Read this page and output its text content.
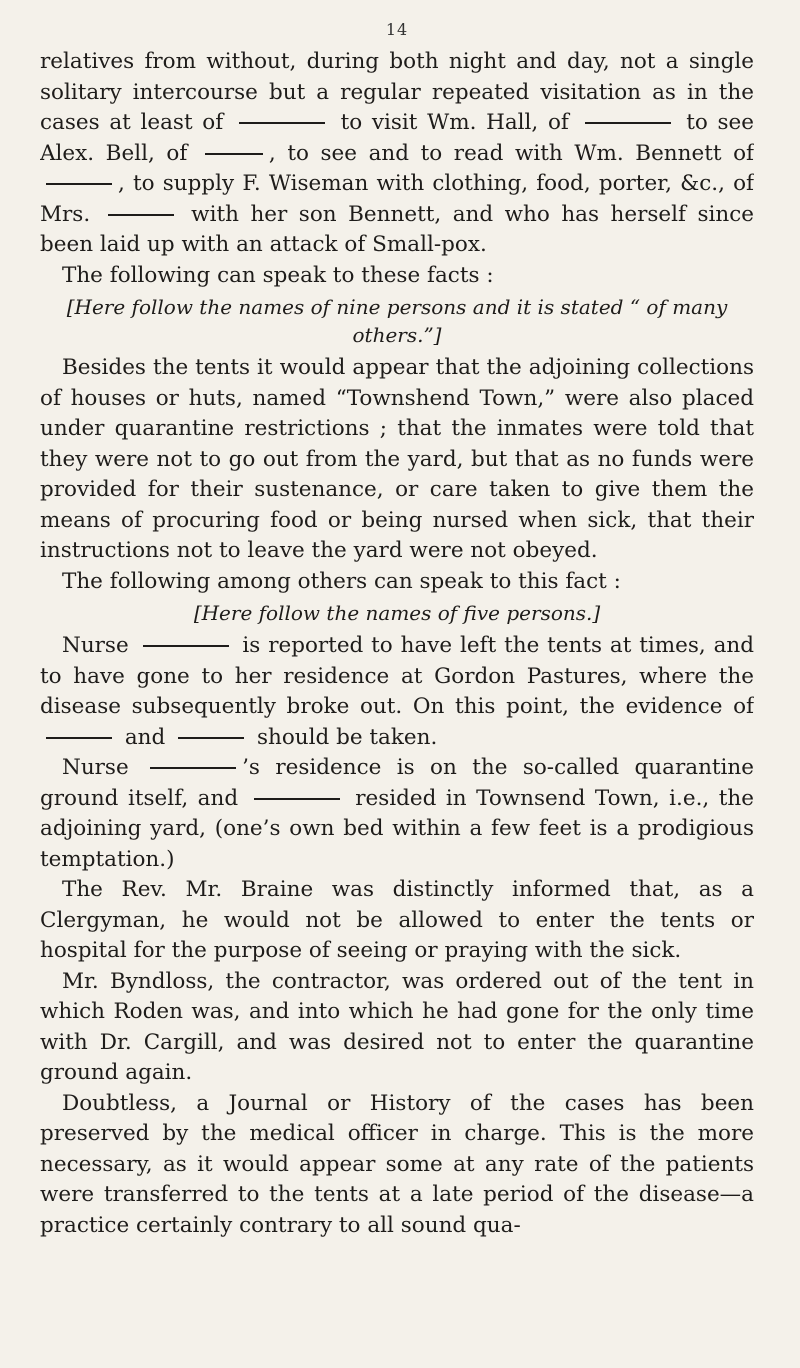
14

relatives from without, during both night and day, not a single solitary intercourse but a regular repeated visitation as in the cases at least of	to visit Wm. Hall, of	to see Alex. Bell, of	, to see and to read with Wm. Bennett of , to supply F. Wiseman with clothing, food, porter, &c., of Mrs.	with her son Bennett, and who has herself since been laid up with an attack of Small-pox.

The following can speak to these facts :

[Here follow the names of nine persons and it is stated “ of many others.”]

Besides the tents it would appear that the adjoining collections of houses or huts, named “Townshend Town,” were also placed under quarantine restrictions ; that the inmates were told that they were not to go out from the yard, but that as no funds were provided for their sustenance, or care taken to give them the means of procuring food or being nursed when sick, that their instructions not to leave the yard were not obeyed.

The following among others can speak to this fact :

[Here follow the names of five persons.]

Nurse	is reported to have left the tents at times, and to have gone to her residence at Gordon Pastures, where the disease subsequently broke out. On this point, the evidence of  and	should be taken.

Nurse	’s residence is on the so-called quarantine ground itself, and	resided in Townsend Town, i.e., the adjoining yard, (one’s own bed within a few feet is a prodigious temptation.)

The Rev. Mr. Braine was distinctly informed that, as a Clergyman, he would not be allowed to enter the tents or hospital for the purpose of seeing or praying with the sick.

Mr. Byndloss, the contractor, was ordered out of the tent in which Roden was, and into which he had gone for the only time with Dr. Cargill, and was desired not to enter the quarantine ground again.

Doubtless, a Journal or History of the cases has been preserved by the medical officer in charge. This is the more necessary, as it would appear some at any rate of the patients were transferred to the tents at a late period of the disease—a practice certainly contrary to all sound qua-
